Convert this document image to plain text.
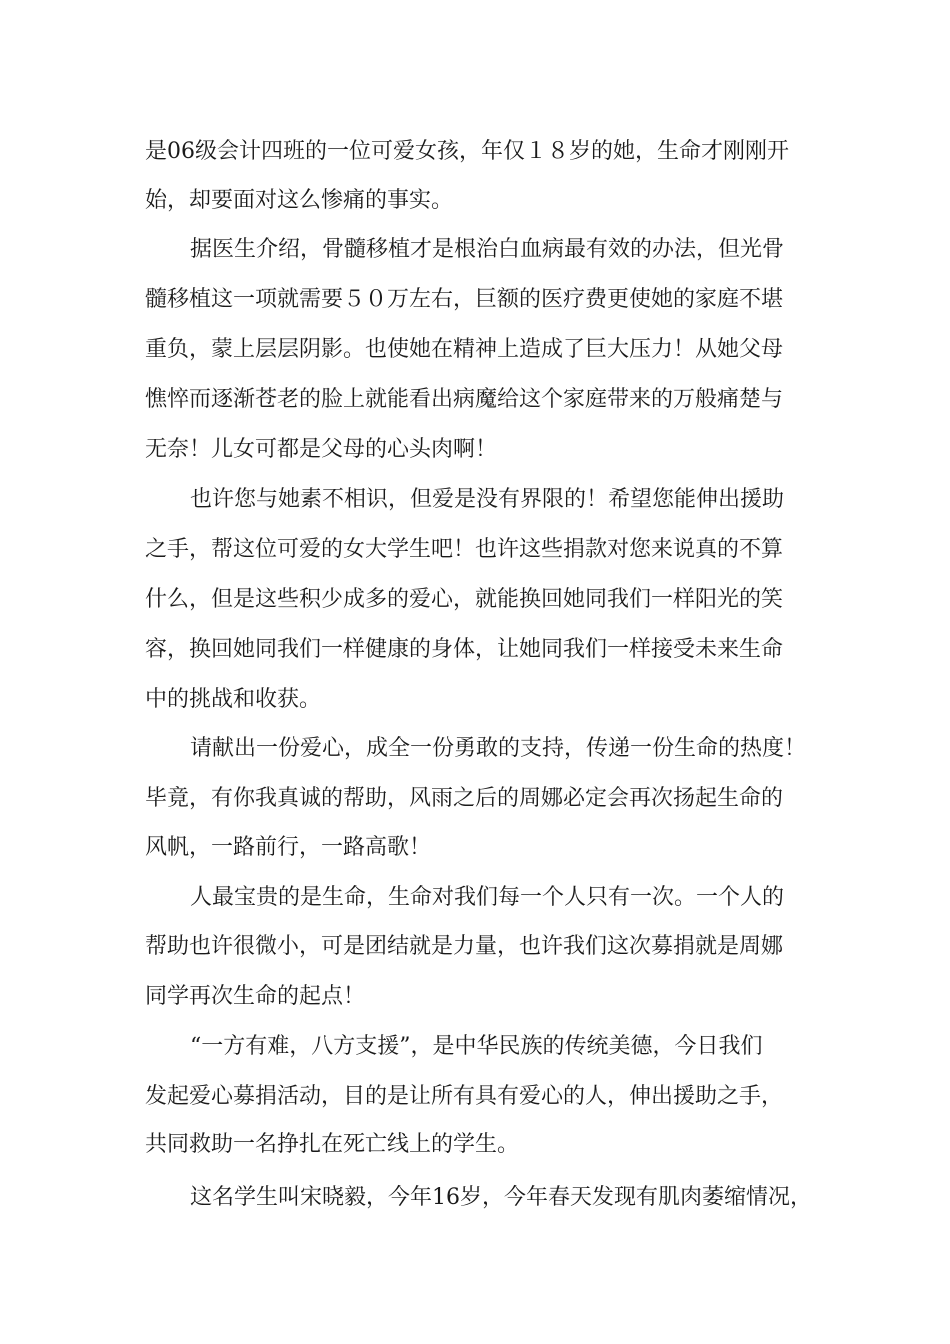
是06级会计四班的一位可爱女孩，年仅１８岁的她，生命才刚刚开
始，却要面对这么惨痛的事实。
据医生介绍，骨髓移植才是根治白血病最有效的办法，但光骨
髓移植这一项就需要５０万左右，巨额的医疗费更使她的家庭不堪
重负，蒙上层层阴影。也使她在精神上造成了巨大压力！从她父母
憔悴而逐渐苍老的脸上就能看出病魔给这个家庭带来的万般痛楚与
无奈！儿女可都是父母的心头肉啊！
也许您与她素不相识，但爱是没有界限的！希望您能伸出援助
之手，帮这位可爱的女大学生吧！也许这些捐款对您来说真的不算
什么，但是这些积少成多的爱心，就能换回她同我们一样阳光的笑
容，换回她同我们一样健康的身体，让她同我们一样接受未来生命
中的挑战和收获。
请献出一份爱心，成全一份勇敢的支持，传递一份生命的热度！
毕竟，有你我真诚的帮助，风雨之后的周娜必定会再次扬起生命的
风帆，一路前行，一路高歌！
人最宝贵的是生命，生命对我们每一个人只有一次。一个人的
帮助也许很微小，可是团结就是力量，也许我们这次募捐就是周娜
同学再次生命的起点！
“一方有难，八方支援”，是中华民族的传统美德，今日我们
发起爱心募捐活动，目的是让所有具有爱心的人，伸出援助之手，
共同救助一名挣扎在死亡线上的学生。
这名学生叫宋晓毅，今年16岁，今年春天发现有肌肉萎缩情况，
